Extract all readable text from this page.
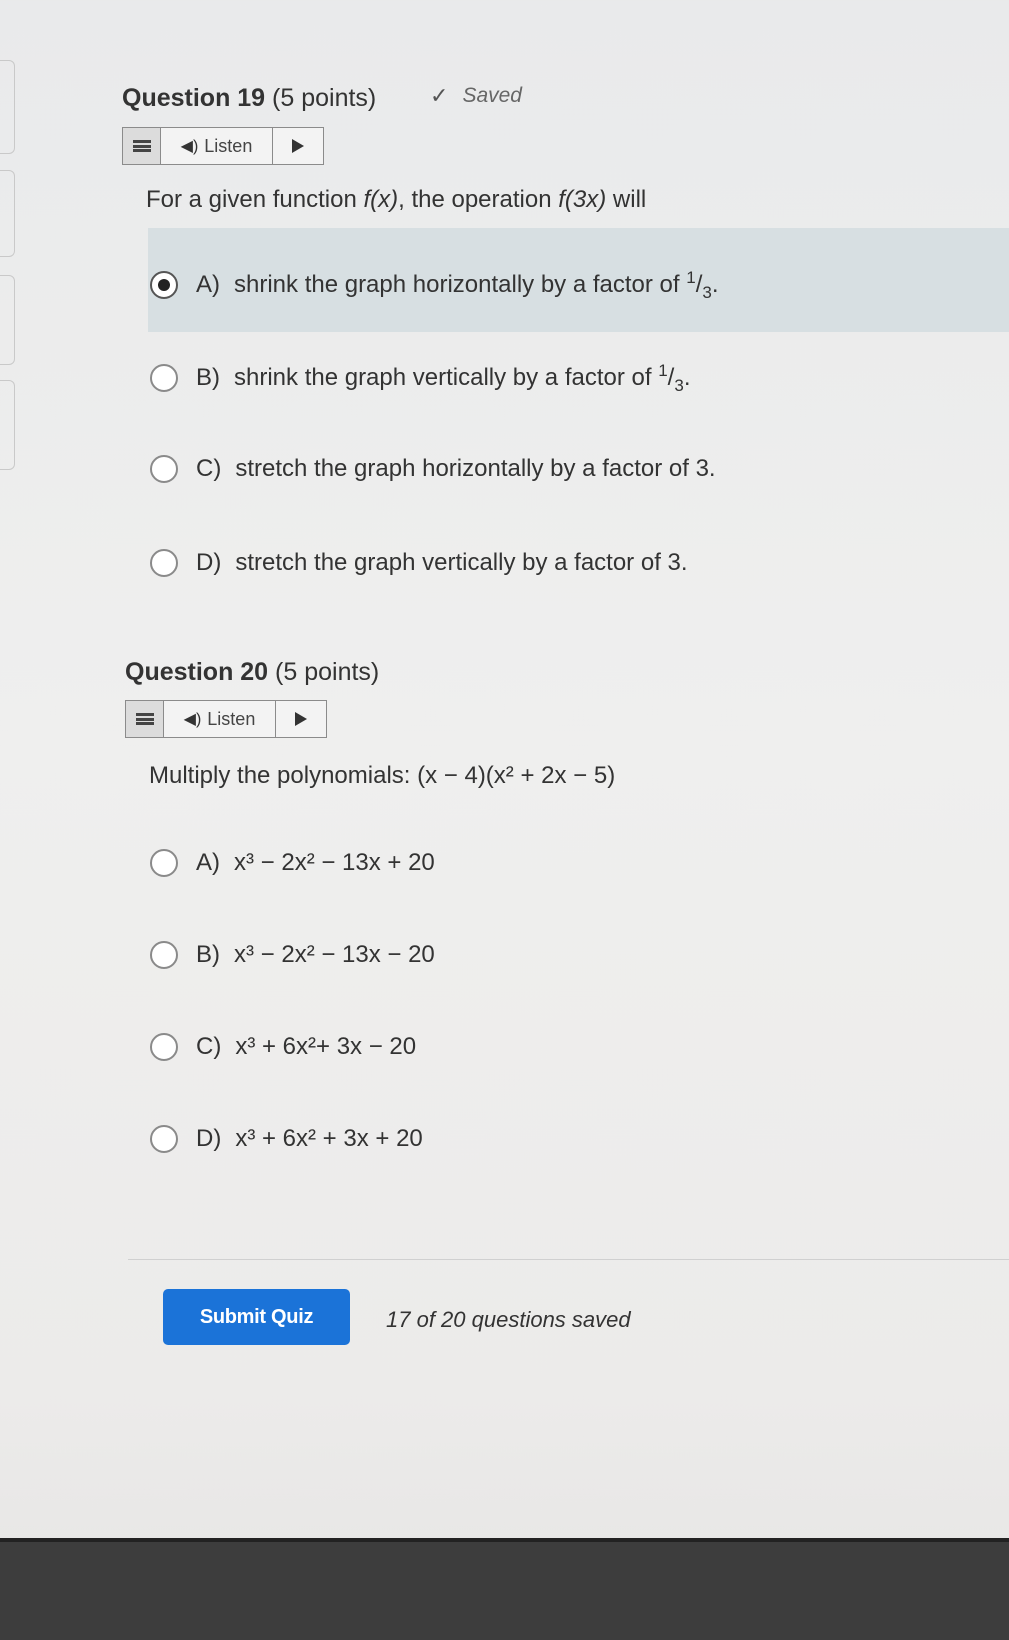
Question 19 (5 points) ✓ Saved
◀) Listen
For a given function f(x), the operation f(3x) will
A) shrink the graph horizontally by a factor of $^1/_3$.
B) shrink the graph vertically by a factor of $^1/_3$.
C) stretch the graph horizontally by a factor of 3.
D) stretch the graph vertically by a factor of 3.
Question 20 (5 points)
◀) Listen
Multiply the polynomials: (x − 4)(x² + 2x − 5)
A) x³ − 2x² − 13x + 20
B) x³ − 2x² − 13x − 20
C) x³ + 6x²+ 3x − 20
D) x³ + 6x² + 3x + 20
Submit Quiz	17 of 20 questions saved
